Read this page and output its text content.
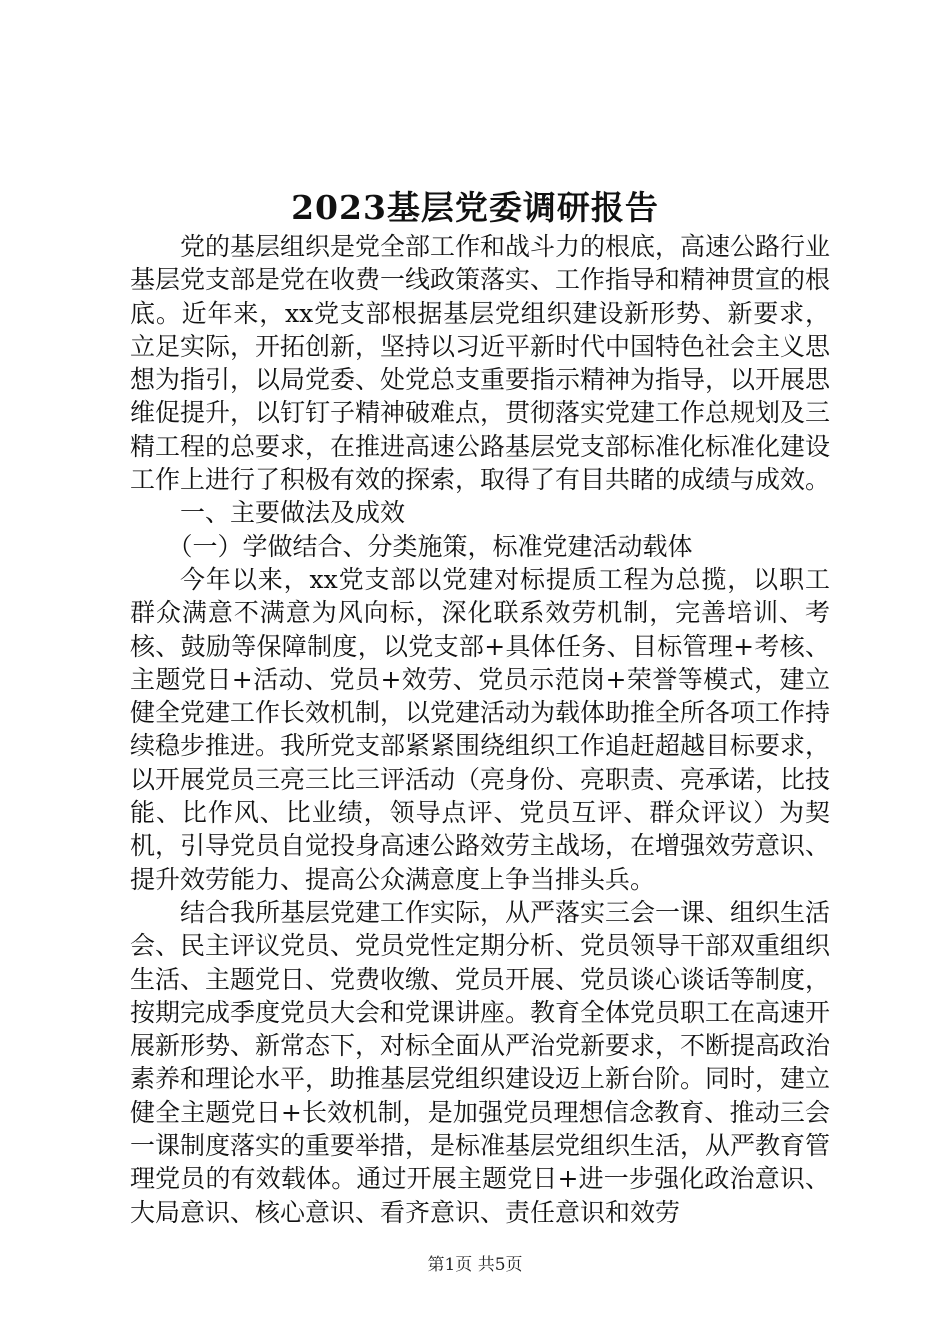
2023基层党委调研报告

党的基层组织是党全部工作和战斗力的根底，高速公路行业基层党支部是党在收费一线政策落实、工作指导和精神贯宣的根底。近年来，xx党支部根据基层党组织建设新形势、新要求，立足实际，开拓创新，坚持以习近平新时代中国特色社会主义思想为指引，以局党委、处党总支重要指示精神为指导，以开展思维促提升，以钉钉子精神破难点，贯彻落实党建工作总规划及三精工程的总要求，在推进高速公路基层党支部标准化标准化建设工作上进行了积极有效的探索，取得了有目共睹的成绩与成效。

一、主要做法及成效

（一）学做结合、分类施策，标准党建活动载体

今年以来，xx党支部以党建对标提质工程为总揽，以职工群众满意不满意为风向标，深化联系效劳机制，完善培训、考核、鼓励等保障制度，以党支部+具体任务、目标管理+考核、主题党日+活动、党员+效劳、党员示范岗+荣誉等模式，建立健全党建工作长效机制，以党建活动为载体助推全所各项工作持续稳步推进。我所党支部紧紧围绕组织工作追赶超越目标要求，以开展党员三亮三比三评活动（亮身份、亮职责、亮承诺，比技能、比作风、比业绩，领导点评、党员互评、群众评议）为契机，引导党员自觉投身高速公路效劳主战场，在增强效劳意识、提升效劳能力、提高公众满意度上争当排头兵。

结合我所基层党建工作实际，从严落实三会一课、组织生活会、民主评议党员、党员党性定期分析、党员领导干部双重组织生活、主题党日、党费收缴、党员开展、党员谈心谈话等制度，按期完成季度党员大会和党课讲座。教育全体党员职工在高速开展新形势、新常态下，对标全面从严治党新要求，不断提高政治素养和理论水平，助推基层党组织建设迈上新台阶。同时，建立健全主题党日+长效机制，是加强党员理想信念教育、推动三会一课制度落实的重要举措，是标准基层党组织生活，从严教育管理党员的有效载体。通过开展主题党日+进一步强化政治意识、大局意识、核心意识、看齐意识、责任意识和效劳

第1页 共5页
